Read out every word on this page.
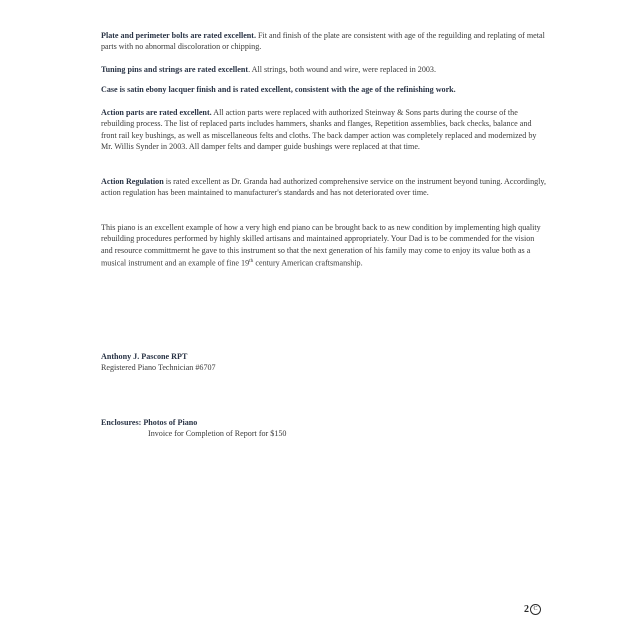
Plate and perimeter bolts are rated excellent. Fit and finish of the plate are consistent with age of the reguilding and replating of metal parts with no abnormal discoloration or chipping.

Tuning pins and strings are rated excellent. All strings, both wound and wire, were replaced in 2003.

Case is satin ebony lacquer finish and is rated excellent, consistent with the age of the refinishing work.

Action parts are rated excellent. All action parts were replaced with authorized Steinway & Sons parts during the course of the rebuilding process. The list of replaced parts includes hammers, shanks and flanges, Repetition assemblies, back checks, balance and front rail key bushings, as well as miscellaneous felts and cloths. The back damper action was completely replaced and modernized by Mr. Willis Synder in 2003. All damper felts and damper guide bushings were replaced at that time.

Action Regulation is rated excellent as Dr. Granda had authorized comprehensive service on the instrument beyond tuning. Accordingly, action regulation has been maintained to manufacturer's standards and has not deteriorated over time.

This piano is an excellent example of how a very high end piano can be brought back to as new condition by implementing high quality rebuilding procedures performed by highly skilled artisans and maintained appropriately. Your Dad is to be commended for the vision and resource committmernt he gave to this instrument so that the next generation of his family may come to enjoy its value both as a musical instrument and an example of fine 19th century American craftsmanship.

Anthony J. Pascone RPT

Registered Piano Technician #6707

Enclosures: Photos of Piano

Invoice for Completion of Report for $150

2 C
